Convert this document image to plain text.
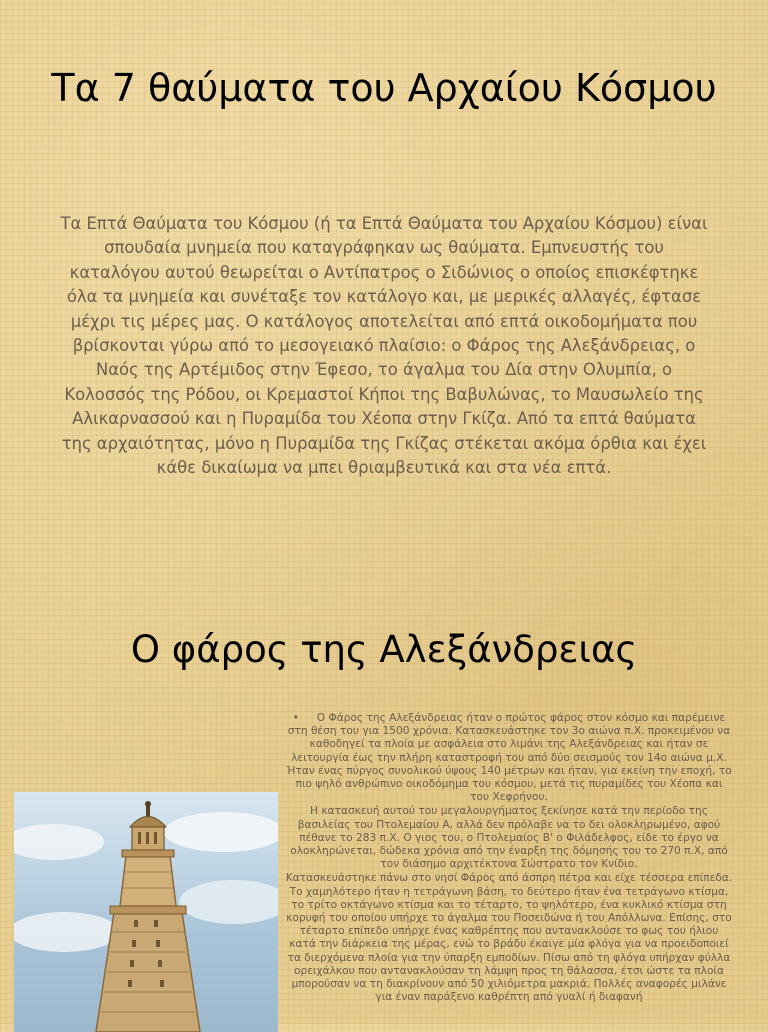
Τα 7 θαύματα του Αρχαίου Κόσμου

Τα Επτά Θαύματα του Κόσμου (ή τα Επτά Θαύματα του Αρχαίου Κόσμου) είναι σπουδαία μνημεία που καταγράφηκαν ως θαύματα. Εμπνευστής του καταλόγου αυτού θεωρείται ο Αντίπατρος ο Σιδώνιος ο οποίος επισκέφτηκε όλα τα μνημεία και συνέταξε τον κατάλογο και, με μερικές αλλαγές, έφτασε μέχρι τις μέρες μας. Ο κατάλογος αποτελείται από επτά οικοδομήματα που βρίσκονται γύρω από το μεσογειακό πλαίσιο: ο Φάρος της Αλεξάνδρειας, ο Ναός της Αρτέμιδος στην Έφεσο, το άγαλμα του Δία στην Ολυμπία, ο Κολοσσός της Ρόδου, οι Κρεμαστοί Κήποι της Βαβυλώνας, το Μαυσωλείο της Αλικαρνασσού και η Πυραμίδα του Χέοπα στην Γκίζα. Από τα επτά θαύματα της αρχαιότητας, μόνο η Πυραμίδα της Γκίζας στέκεται ακόμα όρθια και έχει κάθε δικαίωμα να μπει θριαμβευτικά και στα νέα επτά.

Ο φάρος της Αλεξάνδρειας

• Ο Φάρος της Αλεξάνδρειας ήταν ο πρώτος φάρος στον κόσμο και παρέμεινε στη θέση του για 1500 χρόνια. Κατασκευάστηκε τον 3ο αιώνα π.Χ. προκειμένου να καθοδηγεί τα πλοία με ασφάλεια στο λιμάνι της Αλεξάνδρειας και ήταν σε λειτουργία έως την πλήρη καταστροφή του από δύο σεισμούς τον 14ο αιώνα μ.Χ. Ήταν ένας πύργος συνολικού ύψους 140 μέτρων και ήταν, για εκείνη την εποχή, το πιο ψηλό ανθρώπινο οικοδόμημα του κόσμου, μετά τις πυραμίδες του Χέοπα και του Χεφρήνου.

Η κατασκευή αυτού του μεγαλουργήματος ξεκίνησε κατά την περίοδο της βασιλείας του Πτολεμαίου Α, αλλά δεν πρόλαβε να το δει ολοκληρωμένο, αφού πέθανε το 283 π.Χ. Ο γιος του, ο Πτολεμαίος Β' ο Φιλάδελφος, είδε το έργο να ολοκληρώνεται, δώδεκα χρόνια από την έναρξη της δόμησής του το 270 π.Χ, από τον διάσημο αρχιτέκτονα Σώστρατο τον Κνίδιο.

Κατασκευάστηκε πάνω στο νησί Φάρος από άσπρη πέτρα και είχε τέσσερα επίπεδα. Το χαμηλότερο ήταν η τετράγωνη βάση, το δεύτερο ήταν ένα τετράγωνο κτίσμα, το τρίτο οκτάγωνο κτίσμα και το τέταρτο, το ψηλότερο, ένα κυκλικό κτίσμα στη κορυφή του οποίου υπήρχε το άγαλμα του Ποσειδώνα ή του Απόλλωνα. Επίσης, στο τέταρτο επίπεδο υπήρχε ένας καθρέπτης που αντανακλούσε το φως του ήλιου κατά την διάρκεια της μέρας, ενώ το βράδυ έκαιγε μία φλόγα για να προειδοποιεί τα διερχόμενα πλοία για την ύπαρξη εμποδίων. Πίσω από τη φλόγα υπήρχαν φύλλα ορειχάλκου που αντανακλούσαν τη λάμψη προς τη θάλασσα, έτσι ώστε τα πλοία μπορούσαν να τη διακρίνουν από 50 χιλιόμετρα μακριά. Πολλές αναφορές μιλάνε για έναν παράξενο καθρέπτη από γυαλί ή διαφανή
